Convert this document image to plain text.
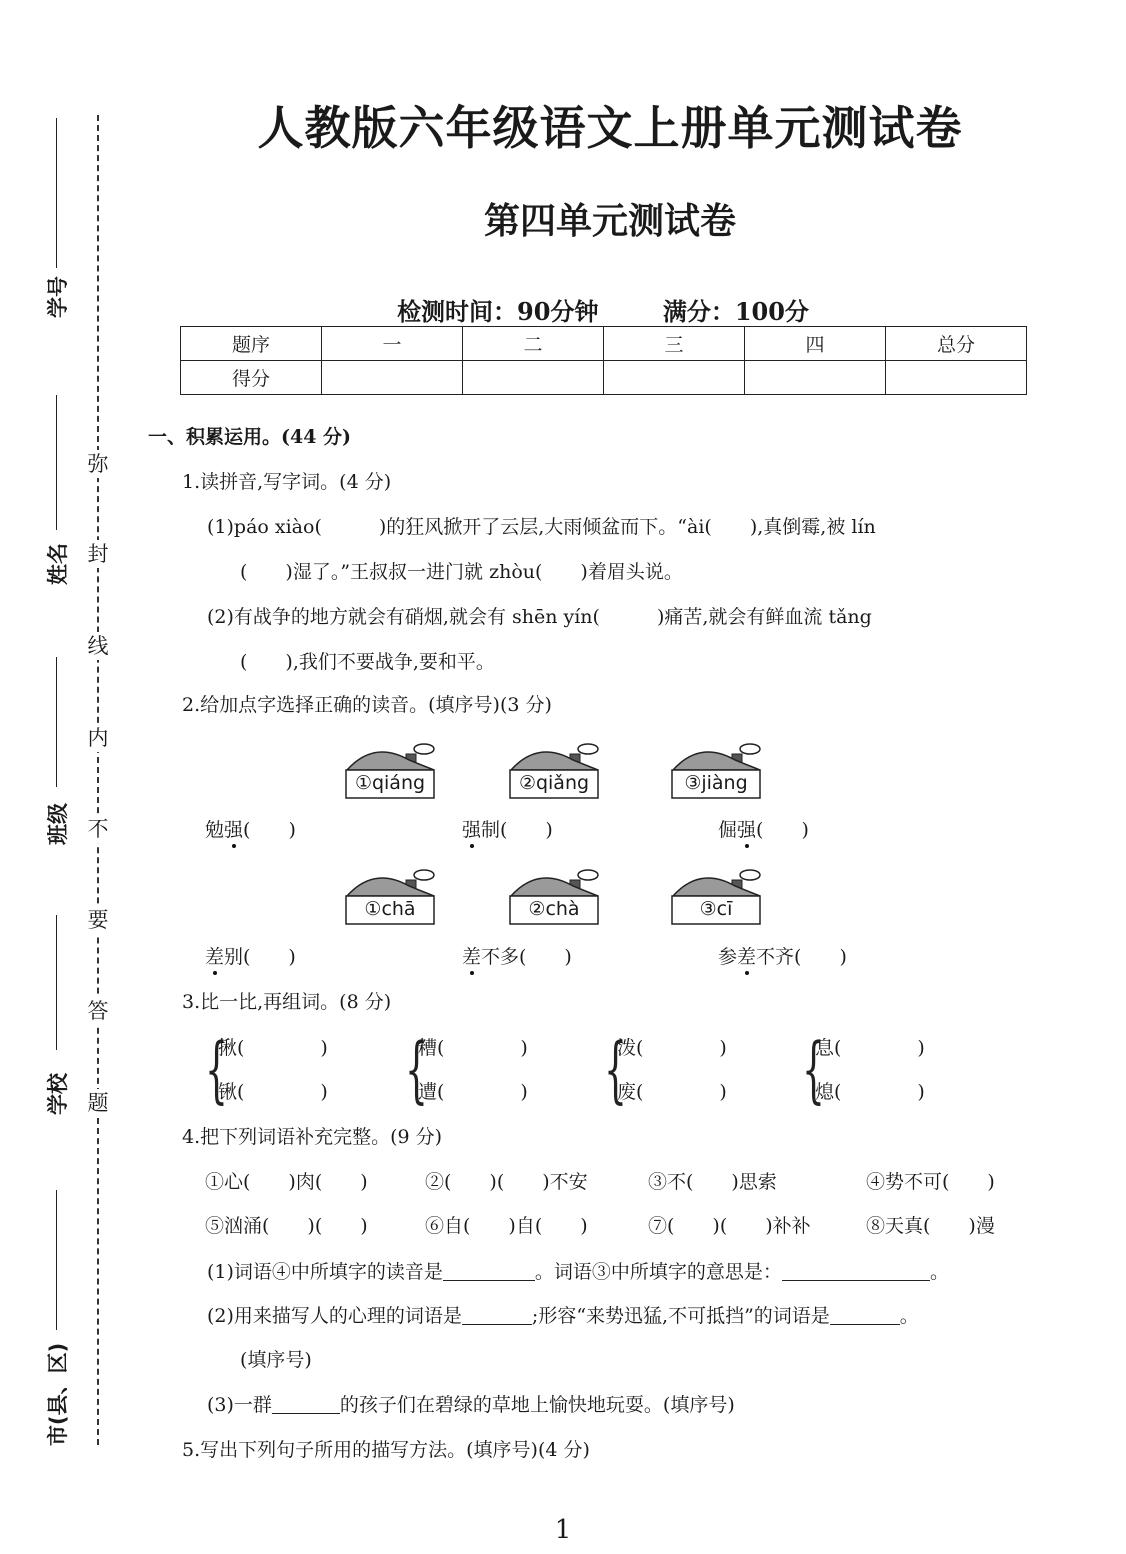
弥
封
线
内
不
要
答
题
学号
姓名
班级
学校
市(县、区)
人教版六年级语文上册单元测试卷
第四单元测试卷
检测时间：90分钟	满分：100分
题序	一	二	三	四	总分
得分					
一、积累运用。(44 分)
1.读拼音,写字词。(4 分)
(1)páo xiào(　　　)的狂风掀开了云层,大雨倾盆而下。“ài(　　),真倒霉,被 lín
(　　)湿了。”王叔叔一进门就 zhòu(　　)着眉头说。
(2)有战争的地方就会有硝烟,就会有 shēn yín(　　　)痛苦,就会有鲜血流 tǎng
(　　),我们不要战争,要和平。
2.给加点字选择正确的读音。(填序号)(3 分)
①qiáng	②qiǎng	③jiàng
勉强(　　)	强制(　　)	倔强(　　)
①chā	②chà	③cī
差别(　　)	差不多(　　)	参差不齐(　　)
3.比一比,再组词。(8 分)
{
揪(　　　　)
锹(　　　　) {
糟(　　　　)
遭(　　　　) {
泼(　　　　)
废(　　　　) {
息(　　　　)
熄(　　　　)
4.把下列词语补充完整。(9 分)
①心(　　)肉(　　)	②(　　)(　　)不安	③不(　　)思索	④势不可(　　)
⑤汹涌(　　)(　　)	⑥自(　　)自(　　)	⑦(　　)(　　)补补	⑧天真(　　)漫
(1)词语④中所填字的读音是	。词语③中所填字的意思是：	。
(2)用来描写人的心理的词语是	;形容“来势迅猛,不可抵挡”的词语是	。
(填序号)
(3)一群	的孩子们在碧绿的草地上愉快地玩耍。(填序号)
5.写出下列句子所用的描写方法。(填序号)(4 分)
1
